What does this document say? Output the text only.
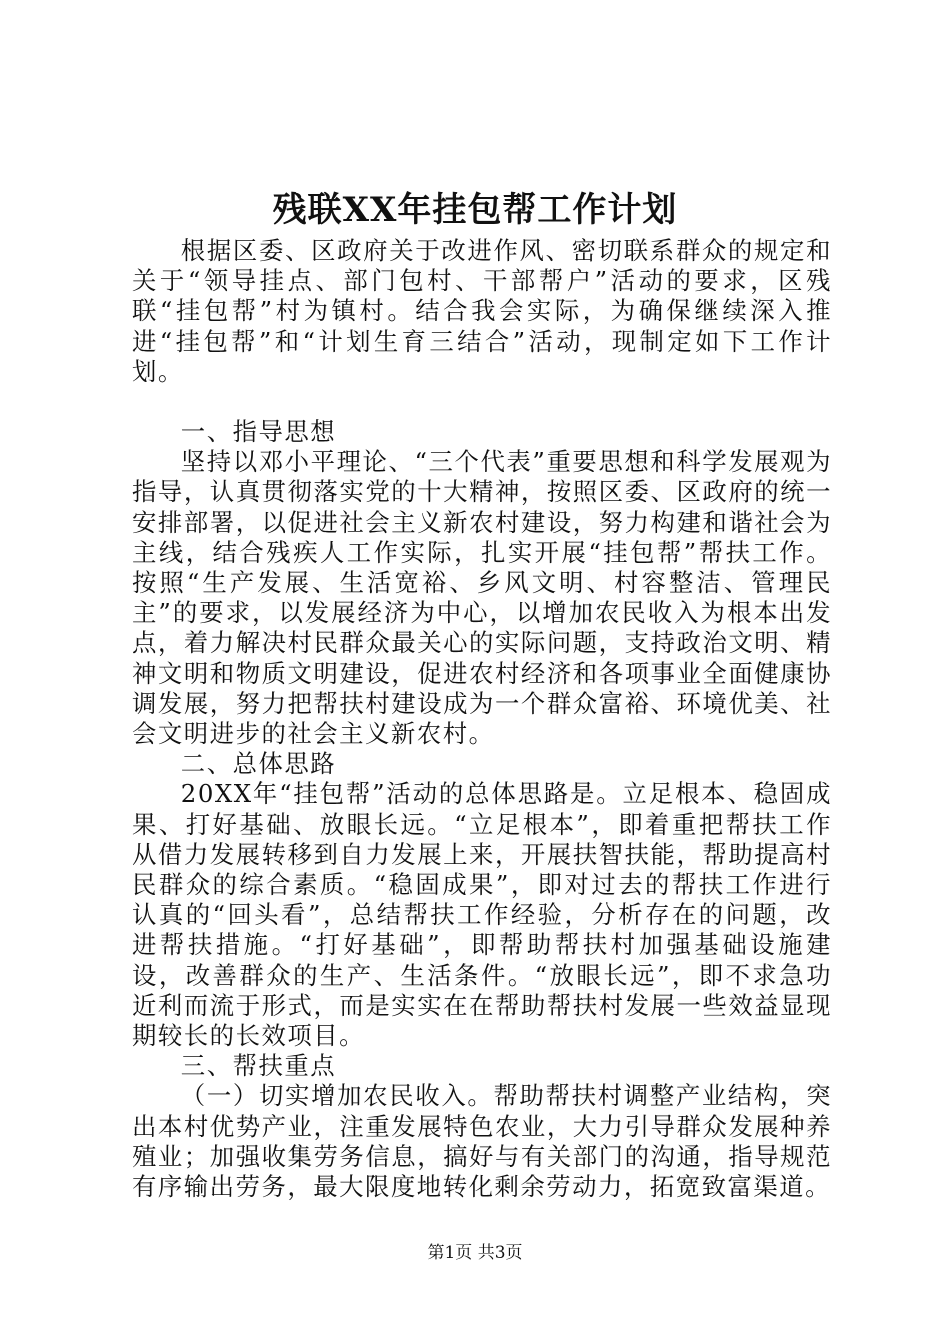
残联XX年挂包帮工作计划

根据区委、区政府关于改进作风、密切联系群众的规定和关于“领导挂点、部门包村、干部帮户”活动的要求，区残联“挂包帮”村为镇村。结合我会实际，为确保继续深入推进“挂包帮”和“计划生育三结合”活动，现制定如下工作计划。

一、指导思想

坚持以邓小平理论、“三个代表”重要思想和科学发展观为指导，认真贯彻落实党的十大精神，按照区委、区政府的统一安排部署，以促进社会主义新农村建设，努力构建和谐社会为主线，结合残疾人工作实际，扎实开展“挂包帮”帮扶工作。按照“生产发展、生活宽裕、乡风文明、村容整洁、管理民主”的要求，以发展经济为中心，以增加农民收入为根本出发点，着力解决村民群众最关心的实际问题，支持政治文明、精神文明和物质文明建设，促进农村经济和各项事业全面健康协调发展，努力把帮扶村建设成为一个群众富裕、环境优美、社会文明进步的社会主义新农村。

二、总体思路

20XX年“挂包帮”活动的总体思路是。立足根本、稳固成果、打好基础、放眼长远。“立足根本”，即着重把帮扶工作从借力发展转移到自力发展上来，开展扶智扶能，帮助提高村民群众的综合素质。“稳固成果”，即对过去的帮扶工作进行认真的“回头看”，总结帮扶工作经验，分析存在的问题，改进帮扶措施。“打好基础”，即帮助帮扶村加强基础设施建设，改善群众的生产、生活条件。“放眼长远”，即不求急功近利而流于形式，而是实实在在帮助帮扶村发展一些效益显现期较长的长效项目。

三、帮扶重点

（一）切实增加农民收入。帮助帮扶村调整产业结构，突出本村优势产业，注重发展特色农业，大力引导群众发展种养殖业；加强收集劳务信息，搞好与有关部门的沟通，指导规范有序输出劳务，最大限度地转化剩余劳动力，拓宽致富渠道。

第1页 共3页
